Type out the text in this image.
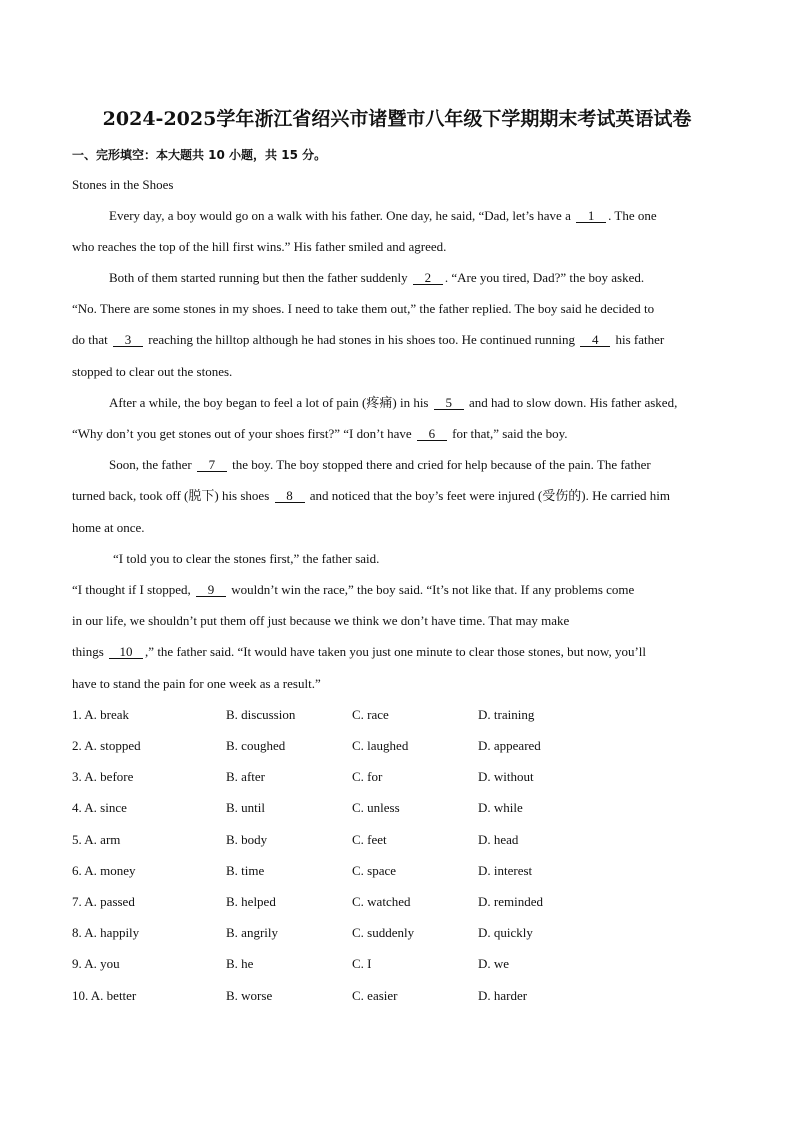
2024-2025学年浙江省绍兴市诸暨市八年级下学期期末考试英语试卷
一、完形填空：本大题共 10 小题，共 15 分。
Stones in the Shoes
Every day, a boy would go on a walk with his father. One day, he said, “Dad, let’s have a 1 . The one
who reaches the top of the hill first wins.” His father smiled and agreed.
Both of them started running but then the father suddenly 2 . “Are you tired, Dad?” the boy asked.
“No. There are some stones in my shoes. I need to take them out,” the father replied. The boy said he decided to
do that 3 reaching the hilltop although he had stones in his shoes too. He continued running 4 his father
stopped to clear out the stones.
After a while, the boy began to feel a lot of pain (疼痛) in his 5 and had to slow down. His father asked,
“Why don’t you get stones out of your shoes first?” “I don’t have 6 for that,” said the boy.
Soon, the father 7 the boy. The boy stopped there and cried for help because of the pain. The father
turned back, took off (脱下) his shoes 8 and noticed that the boy’s feet were injured (受伤的). He carried him
home at once.
“I told you to clear the stones first,” the father said.
“I thought if I stopped, 9 wouldn’t win the race,” the boy said. “It’s not like that. If any problems come
in our life, we shouldn’t put them off just because we think we don’t have time. That may make
things 10 ,” the father said. “It would have taken you just one minute to clear those stones, but now, you’ll
have to stand the pain for one week as a result.”
1. A. break	B. discussion	C. race	D. training
2. A. stopped	B. coughed	C. laughed	D. appeared
3. A. before	B. after	C. for	D. without
4. A. since	B. until	C. unless	D. while
5. A. arm	B. body	C. feet	D. head
6. A. money	B. time	C. space	D. interest
7. A. passed	B. helped	C. watched	D. reminded
8. A. happily	B. angrily	C. suddenly	D. quickly
9. A. you	B. he	C. I	D. we
10. A. better	B. worse	C. easier	D. harder
